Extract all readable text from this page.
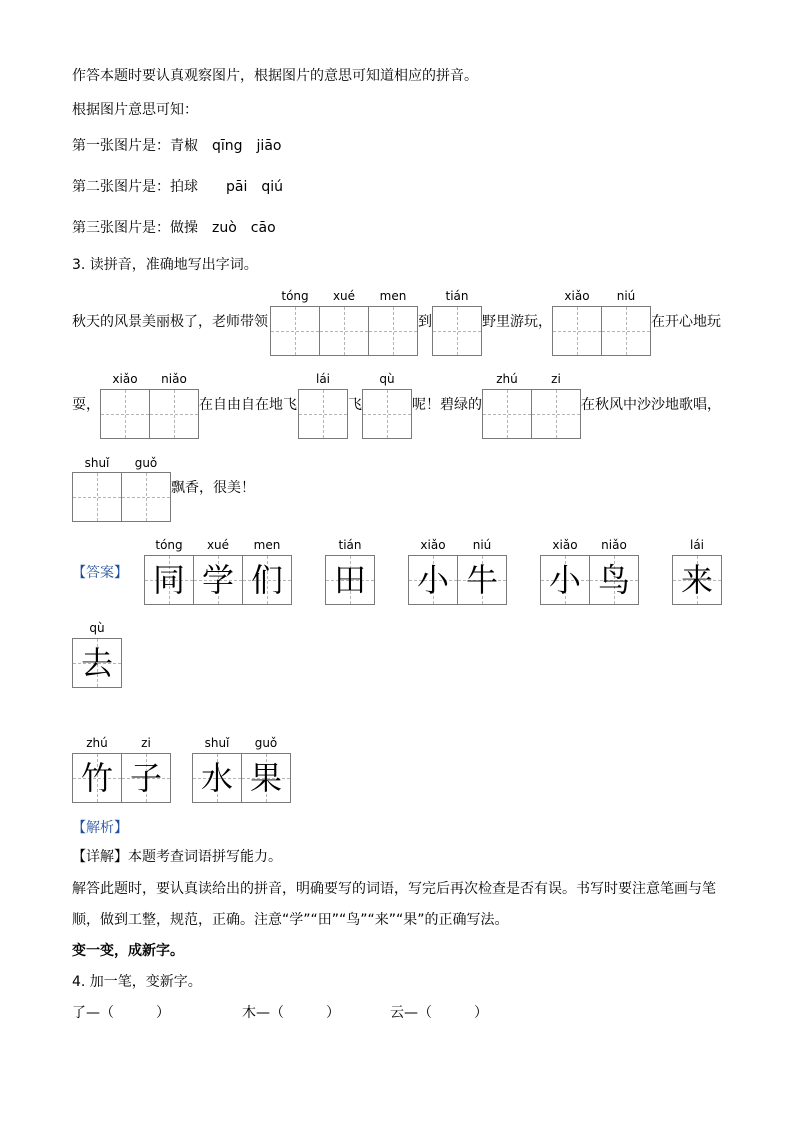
作答本题时要认真观察图片，根据图片的意思可知道相应的拼音。
根据图片意思可知：
第一张图片是：青椒　qīng　jiāo
第二张图片是：拍球　　pāi　qiú
第三张图片是：做操　zuò　cāo
3. 读拼音，准确地写出字词。
tóng	xué	men	tián	xiǎo	niú
秋天的风景美丽极了，老师带领	到	野里游玩，	在开心地玩
xiǎo	niǎo	lái	qù	zhú	zi
耍，	在自由自在地飞	飞	呢！碧绿的	在秋风中沙沙地歌唱，
shuǐ	guǒ
飘香，很美！
【答案】
tóng	xué	men	tián	xiǎo	niú	xiǎo	niǎo	lái
同 学 们 田 小 牛 小 鸟 来
qù
去
zhú	zi	shuǐ	guǒ
竹 子 水 果
【解析】
【详解】本题考查词语拼写能力。
解答此题时，要认真读给出的拼音，明确要写的词语，写完后再次检查是否有误。书写时要注意笔画与笔
顺，做到工整，规范，正确。注意“学”“田”“鸟”“来”“果”的正确写法。
变一变，成新字。
4. 加一笔，变新字。
了—（　　　）	木—（　　　）	云—（　　　）
